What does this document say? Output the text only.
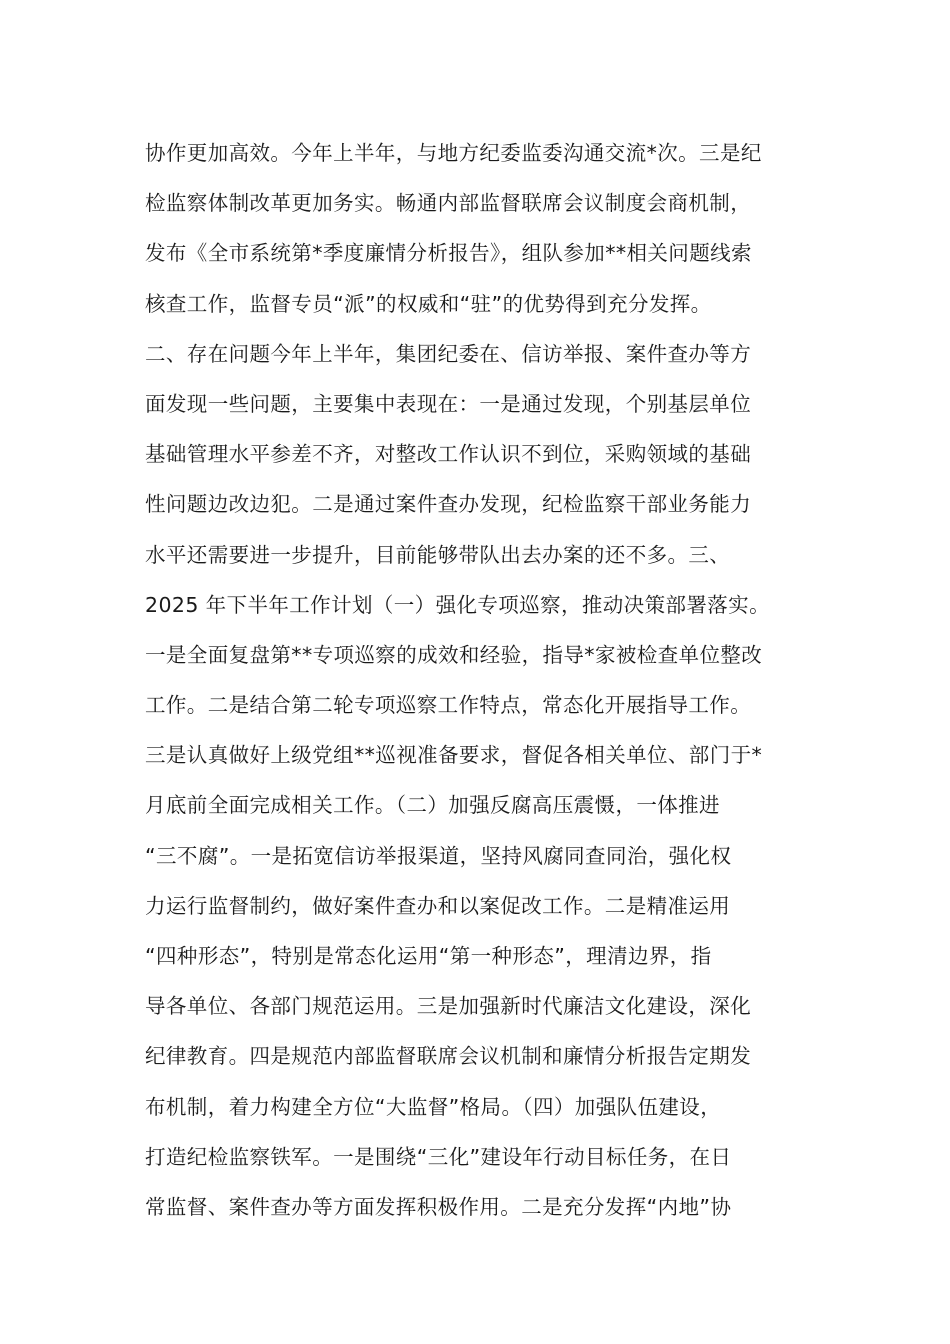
协作更加高效。今年上半年，与地方纪委监委沟通交流*次。三是纪
检监察体制改革更加务实。畅通内部监督联席会议制度会商机制，
发布《全市系统第*季度廉情分析报告》，组队参加**相关问题线索
核查工作，监督专员“派”的权威和“驻”的优势得到充分发挥。
二、存在问题今年上半年，集团纪委在、信访举报、案件查办等方
面发现一些问题，主要集中表现在：一是通过发现，个别基层单位
基础管理水平参差不齐，对整改工作认识不到位，采购领域的基础
性问题边改边犯。二是通过案件查办发现，纪检监察干部业务能力
水平还需要进一步提升，目前能够带队出去办案的还不多。三、
2025 年下半年工作计划（一）强化专项巡察，推动决策部署落实。
一是全面复盘第**专项巡察的成效和经验，指导*家被检查单位整改
工作。二是结合第二轮专项巡察工作特点，常态化开展指导工作。
三是认真做好上级党组**巡视准备要求，督促各相关单位、部门于*
月底前全面完成相关工作。（二）加强反腐高压震慑，一体推进
“三不腐”。一是拓宽信访举报渠道，坚持风腐同查同治，强化权
力运行监督制约，做好案件查办和以案促改工作。二是精准运用
“四种形态”，特别是常态化运用“第一种形态”，理清边界，指
导各单位、各部门规范运用。三是加强新时代廉洁文化建设，深化
纪律教育。四是规范内部监督联席会议机制和廉情分析报告定期发
布机制，着力构建全方位“大监督”格局。（四）加强队伍建设，
打造纪检监察铁军。一是围绕“三化”建设年行动目标任务，在日
常监督、案件查办等方面发挥积极作用。二是充分发挥“内地”协
